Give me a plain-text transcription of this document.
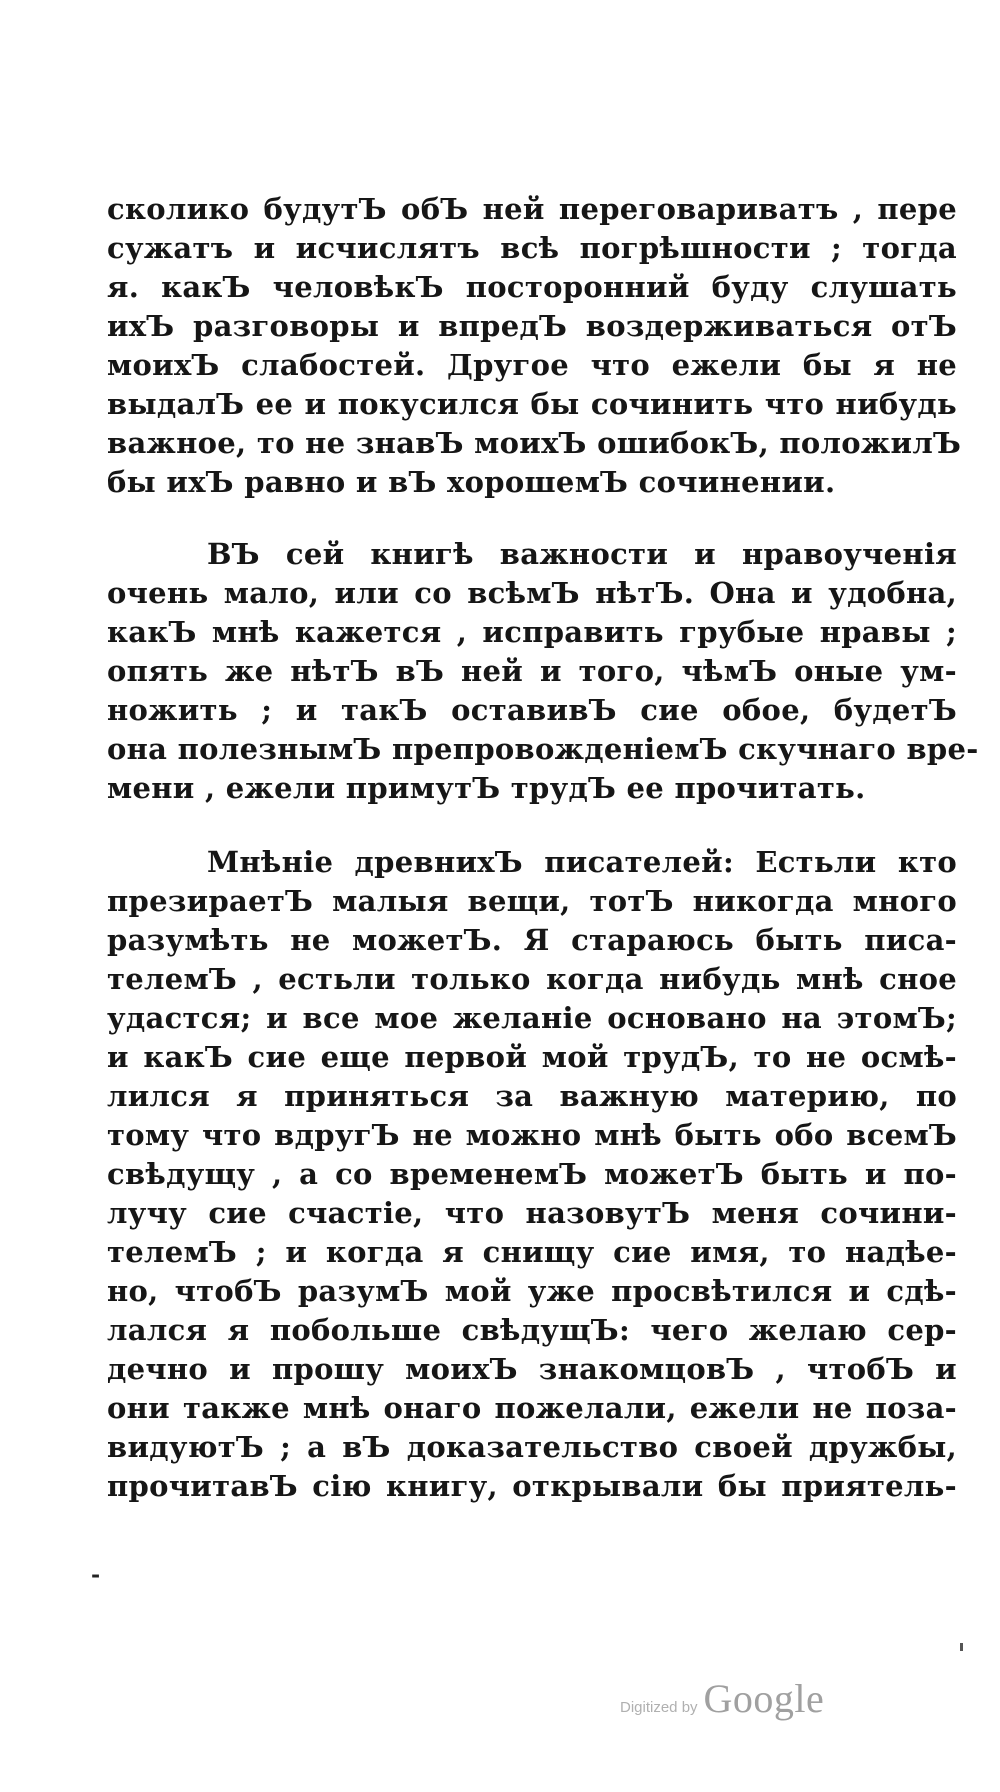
сколико будутЪ обЪ ней переговариватъ , пере
сужатъ и исчислятъ всѣ погрѣшности ; тогда
я. какЪ человѣкЪ посторонний буду слушать
ихЪ разговоры и впредЪ воздерживаться отЪ
моихЪ слабостей. Другое что ежели бы я не
выдалЪ ее и покусился бы сочинить что нибудь
важное, то не знавЪ моихЪ ошибокЪ, положилЪ
бы ихЪ равно и вЪ хорошемЪ сочинении.
ВЪ сей книгѣ важности и нравоученія
очень мало, или со всѣмЪ нѣтЪ. Она и удобна,
какЪ мнѣ кажется , исправить грубые нравы ;
опять же нѣтЪ вЪ ней и того, чѣмЪ оные ум-
ножить ; и такЪ оставивЪ сие обое, будетЪ
она полезнымЪ препровожденіемЪ скучнаго вре-
мени , ежели примутЪ трудЪ ее прочитать.
Мнѣніе древнихЪ писателей: Естьли кто
презираетЪ малыя вещи, тотЪ никогда много
разумѣть не можетЪ. Я стараюсь быть писа-
телемЪ , естьли только когда нибудь мнѣ сное
удастся; и все мое желаніе основано на этомЪ;
и какЪ сие еще первой мой трудЪ, то не осмѣ-
лился я приняться за важную материю, по
тому что вдругЪ не можно мнѣ быть обо всемЪ
свѣдущу , а со временемЪ можетЪ быть и по-
лучу сие счастіе, что назовутЪ меня сочини-
телемЪ ; и когда я снищу сие имя, то надѣе-
но, чтобЪ разумЪ мой уже просвѣтился и сдѣ-
лался я побольше свѣдущЪ: чего желаю сер-
дечно и прошу моихЪ знакомцовЪ , чтобЪ и
они также мнѣ онаго пожелали, ежели не поза-
видуютЪ ; а вЪ доказательство своей дружбы,
прочитавЪ сію книгу, открывали бы приятель-
-
Digitized by Google
